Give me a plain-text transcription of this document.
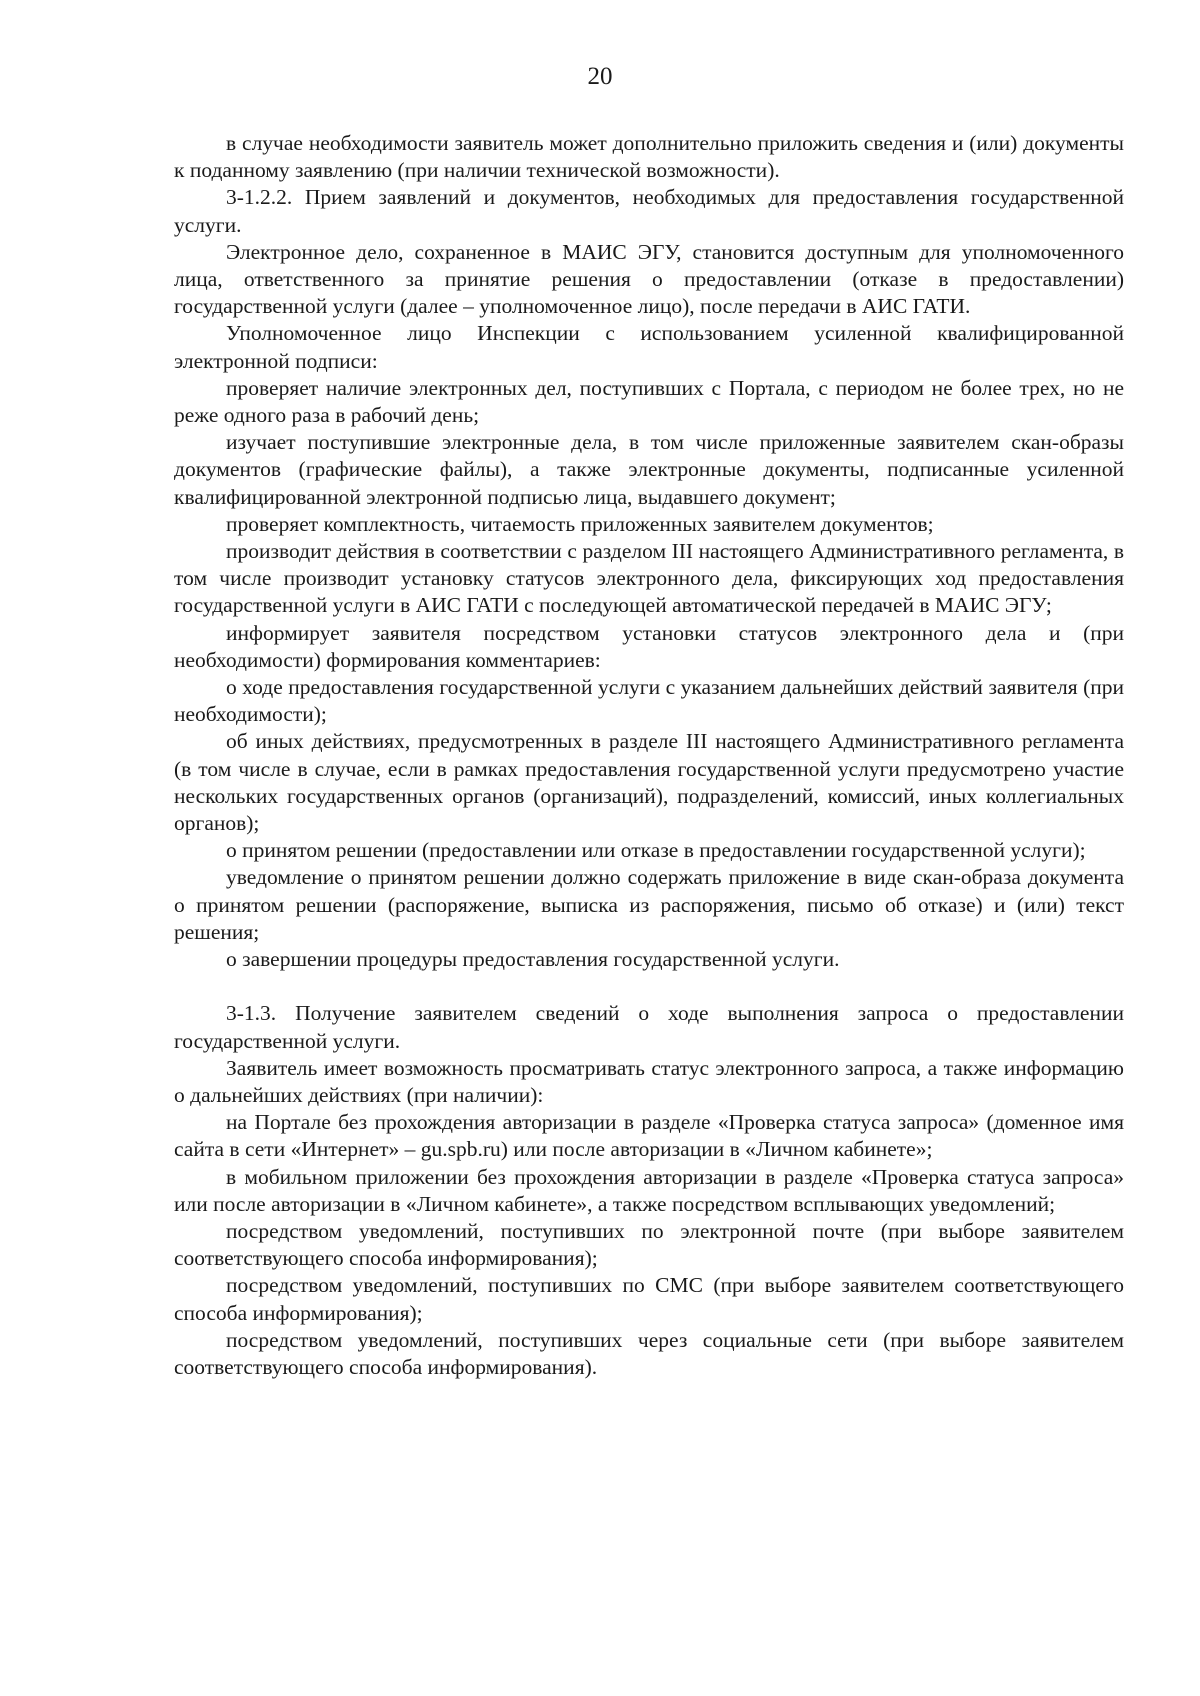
20

в случае необходимости заявитель может дополнительно приложить сведения и (или) документы к поданному заявлению (при наличии технической возможности).

3-1.2.2. Прием заявлений и документов, необходимых для предоставления государственной услуги.

Электронное дело, сохраненное в МАИС ЭГУ, становится доступным для уполномоченного лица, ответственного за принятие решения о предоставлении (отказе в предоставлении) государственной услуги (далее – уполномоченное лицо), после передачи в АИС ГАТИ.

Уполномоченное лицо Инспекции с использованием усиленной квалифицированной электронной подписи:

проверяет наличие электронных дел, поступивших с Портала, с периодом не более трех, но не реже одного раза в рабочий день;

изучает поступившие электронные дела, в том числе приложенные заявителем скан-образы документов (графические файлы), а также электронные документы, подписанные усиленной квалифицированной электронной подписью лица, выдавшего документ;

проверяет комплектность, читаемость приложенных заявителем документов;

производит действия в соответствии с разделом III настоящего Административного регламента, в том числе производит установку статусов электронного дела, фиксирующих ход предоставления государственной услуги в АИС ГАТИ с последующей автоматической передачей в МАИС ЭГУ;

информирует заявителя посредством установки статусов электронного дела и (при необходимости) формирования комментариев:

о ходе предоставления государственной услуги с указанием дальнейших действий заявителя (при необходимости);

об иных действиях, предусмотренных в разделе III настоящего Административного регламента (в том числе в случае, если в рамках предоставления государственной услуги предусмотрено участие нескольких государственных органов (организаций), подразделений, комиссий, иных коллегиальных органов);

о принятом решении (предоставлении или отказе в предоставлении государственной услуги);

уведомление о принятом решении должно содержать приложение в виде скан-образа документа о принятом решении (распоряжение, выписка из распоряжения, письмо об отказе) и (или) текст решения;

о завершении процедуры предоставления государственной услуги.

3-1.3. Получение заявителем сведений о ходе выполнения запроса о предоставлении государственной услуги.

Заявитель имеет возможность просматривать статус электронного запроса, а также информацию о дальнейших действиях (при наличии):

на Портале без прохождения авторизации в разделе «Проверка статуса запроса» (доменное имя сайта в сети «Интернет» – gu.spb.ru) или после авторизации в «Личном кабинете»;

в мобильном приложении без прохождения авторизации в разделе «Проверка статуса запроса» или после авторизации в «Личном кабинете», а также посредством всплывающих уведомлений;

посредством уведомлений, поступивших по электронной почте (при выборе заявителем соответствующего способа информирования);

посредством уведомлений, поступивших по СМС (при выборе заявителем соответствующего способа информирования);

посредством уведомлений, поступивших через социальные сети (при выборе заявителем соответствующего способа информирования).
